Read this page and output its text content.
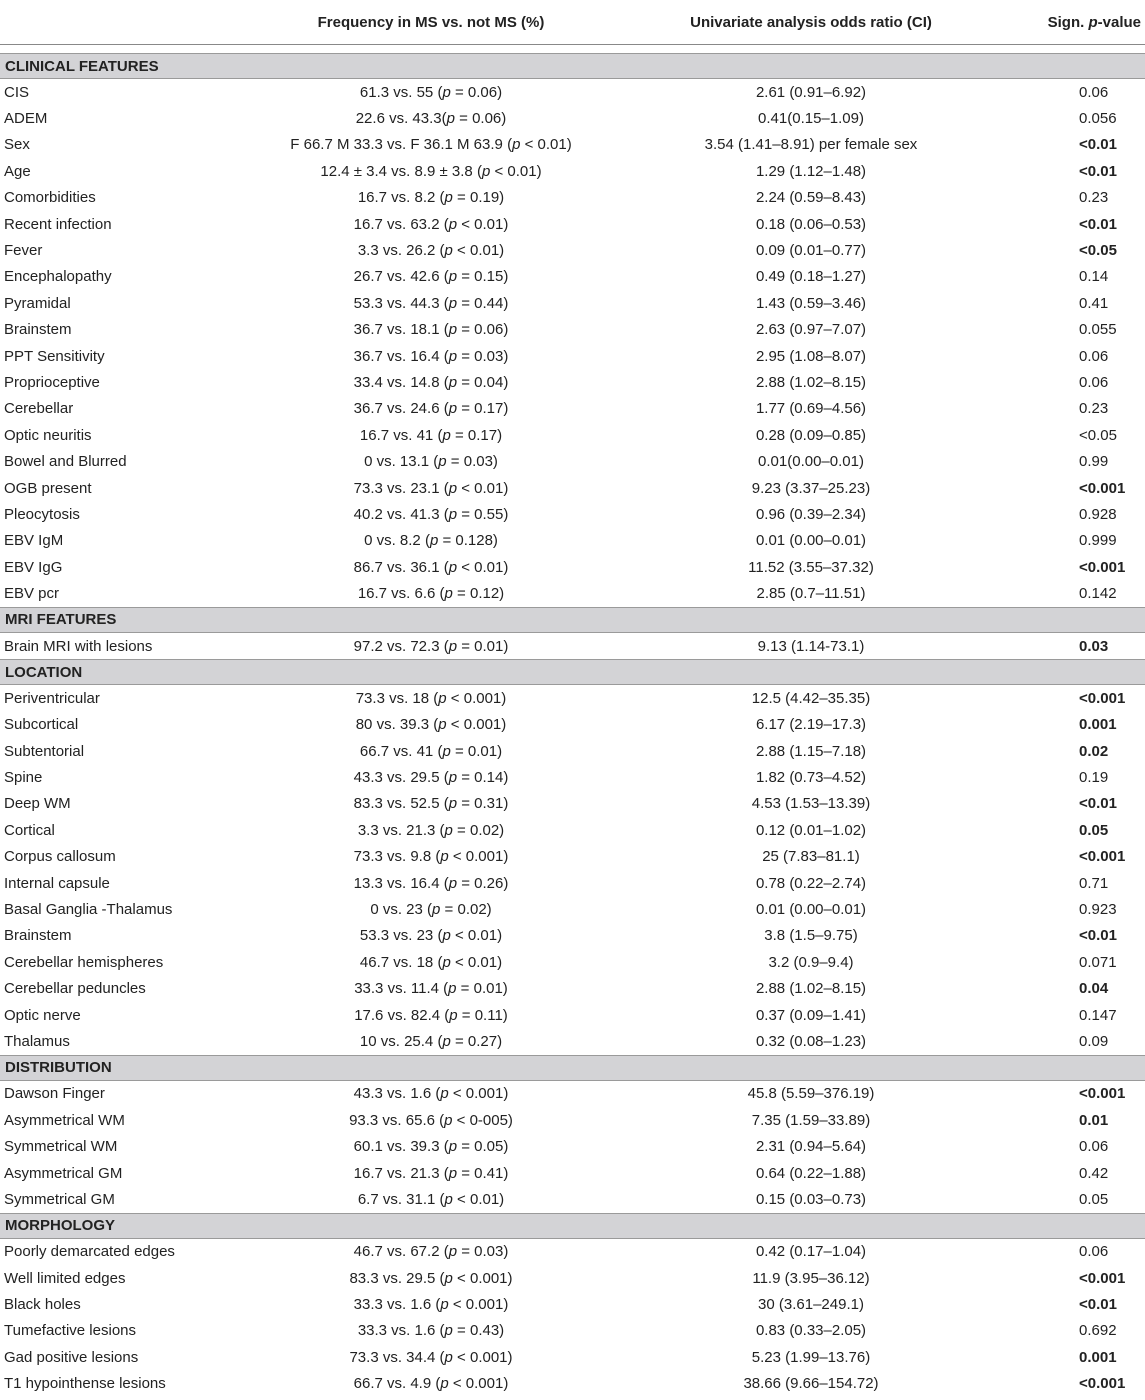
	Frequency in MS vs. not MS (%)	Univariate analysis odds ratio (CI)	Sign. p-value

CLINICAL FEATURES			
CIS	61.3 vs. 55 (p = 0.06)	2.61 (0.91–6.92)	0.06
ADEM	22.6 vs. 43.3(p = 0.06)	0.41(0.15–1.09)	0.056
Sex	F 66.7 M 33.3 vs. F 36.1 M 63.9 (p < 0.01)	3.54 (1.41–8.91) per female sex	<0.01
Age	12.4 ± 3.4 vs. 8.9 ± 3.8 (p < 0.01)	1.29 (1.12–1.48)	<0.01
Comorbidities	16.7 vs. 8.2 (p = 0.19)	2.24 (0.59–8.43)	0.23
Recent infection	16.7 vs. 63.2 (p < 0.01)	0.18 (0.06–0.53)	<0.01
Fever	3.3 vs. 26.2 (p < 0.01)	0.09 (0.01–0.77)	<0.05
Encephalopathy	26.7 vs. 42.6 (p = 0.15)	0.49 (0.18–1.27)	0.14
Pyramidal	53.3 vs. 44.3 (p = 0.44)	1.43 (0.59–3.46)	0.41
Brainstem	36.7 vs. 18.1 (p = 0.06)	2.63 (0.97–7.07)	0.055
PPT Sensitivity	36.7 vs. 16.4 (p = 0.03)	2.95 (1.08–8.07)	0.06
Proprioceptive	33.4 vs. 14.8 (p = 0.04)	2.88 (1.02–8.15)	0.06
Cerebellar	36.7 vs. 24.6 (p = 0.17)	1.77 (0.69–4.56)	0.23
Optic neuritis	16.7 vs. 41 (p = 0.17)	0.28 (0.09–0.85)	<0.05
Bowel and Blurred	0 vs. 13.1 (p = 0.03)	0.01(0.00–0.01)	0.99
OGB present	73.3 vs. 23.1 (p < 0.01)	9.23 (3.37–25.23)	<0.001
Pleocytosis	40.2 vs. 41.3 (p = 0.55)	0.96 (0.39–2.34)	0.928
EBV IgM	0 vs. 8.2 (p = 0.128)	0.01 (0.00–0.01)	0.999
EBV IgG	86.7 vs. 36.1 (p < 0.01)	11.52 (3.55–37.32)	<0.001
EBV pcr	16.7 vs. 6.6 (p = 0.12)	2.85 (0.7–11.51)	0.142
MRI FEATURES			
Brain MRI with lesions	97.2 vs. 72.3 (p = 0.01)	9.13 (1.14-73.1)	0.03
LOCATION			
Periventricular	73.3 vs. 18 (p < 0.001)	12.5 (4.42–35.35)	<0.001
Subcortical	80 vs. 39.3 (p < 0.001)	6.17 (2.19–17.3)	0.001
Subtentorial	66.7 vs. 41 (p = 0.01)	2.88 (1.15–7.18)	0.02
Spine	43.3 vs. 29.5 (p = 0.14)	1.82 (0.73–4.52)	0.19
Deep WM	83.3 vs. 52.5 (p = 0.31)	4.53 (1.53–13.39)	<0.01
Cortical	3.3 vs. 21.3 (p = 0.02)	0.12 (0.01–1.02)	0.05
Corpus callosum	73.3 vs. 9.8 (p < 0.001)	25 (7.83–81.1)	<0.001
Internal capsule	13.3 vs. 16.4 (p = 0.26)	0.78 (0.22–2.74)	0.71
Basal Ganglia -Thalamus	0 vs. 23 (p = 0.02)	0.01 (0.00–0.01)	0.923
Brainstem	53.3 vs. 23 (p < 0.01)	3.8 (1.5–9.75)	<0.01
Cerebellar hemispheres	46.7 vs. 18 (p < 0.01)	3.2 (0.9–9.4)	0.071
Cerebellar peduncles	33.3 vs. 11.4 (p = 0.01)	2.88 (1.02–8.15)	0.04
Optic nerve	17.6 vs. 82.4 (p = 0.11)	0.37 (0.09–1.41)	0.147
Thalamus	10 vs. 25.4 (p = 0.27)	0.32 (0.08–1.23)	0.09
DISTRIBUTION			
Dawson Finger	43.3 vs. 1.6 (p < 0.001)	45.8 (5.59–376.19)	<0.001
Asymmetrical WM	93.3 vs. 65.6 (p < 0-005)	7.35 (1.59–33.89)	0.01
Symmetrical WM	60.1 vs. 39.3 (p = 0.05)	2.31 (0.94–5.64)	0.06
Asymmetrical GM	16.7 vs. 21.3 (p = 0.41)	0.64 (0.22–1.88)	0.42
Symmetrical GM	6.7 vs. 31.1 (p < 0.01)	0.15 (0.03–0.73)	0.05
MORPHOLOGY			
Poorly demarcated edges	46.7 vs. 67.2 (p = 0.03)	0.42 (0.17–1.04)	0.06
Well limited edges	83.3 vs. 29.5 (p < 0.001)	11.9 (3.95–36.12)	<0.001
Black holes	33.3 vs. 1.6 (p < 0.001)	30 (3.61–249.1)	<0.01
Tumefactive lesions	33.3 vs. 1.6 (p = 0.43)	0.83 (0.33–2.05)	0.692
Gad positive lesions	73.3 vs. 34.4 (p < 0.001)	5.23 (1.99–13.76)	0.001
T1 hypointhense lesions	66.7 vs. 4.9 (p < 0.001)	38.66 (9.66–154.72)	<0.001
